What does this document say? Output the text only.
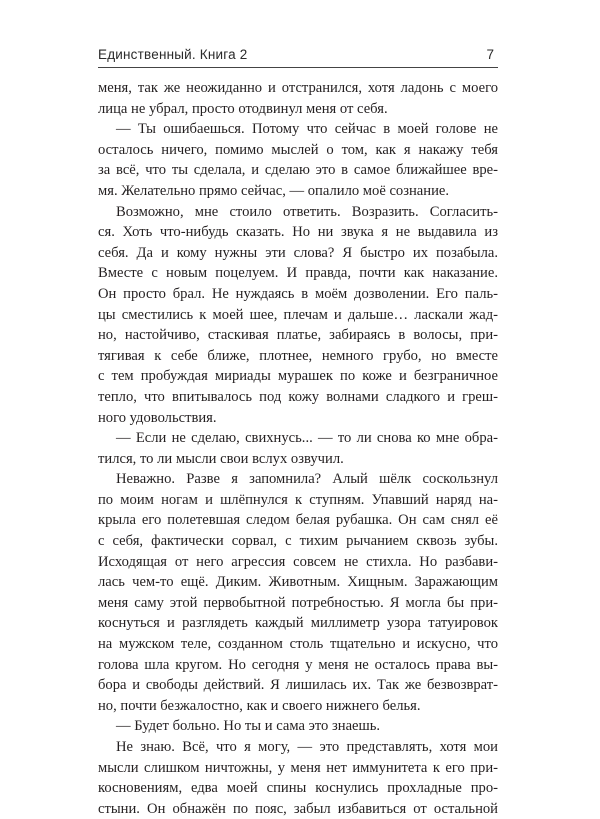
Единственный. Книга 2	7
меня, так же неожиданно и отстранился, хотя ладонь с моего
лица не убрал, просто отодвинул меня от себя.
— Ты ошибаешься. Потому что сейчас в моей голове не
осталось ничего, помимо мыслей о том, как я накажу тебя
за всё, что ты сделала, и сделаю это в самое ближайшее вре-
мя. Желательно прямо сейчас, — опалило моё сознание.
Возможно, мне стоило ответить. Возразить. Согласить-
ся. Хоть что-нибудь сказать. Но ни звука я не выдавила из
себя. Да и кому нужны эти слова? Я быстро их позабыла.
Вместе с новым поцелуем. И правда, почти как наказание.
Он просто брал. Не нуждаясь в моём дозволении. Его паль-
цы сместились к моей шее, плечам и дальше… ласкали жад-
но, настойчиво, стаскивая платье, забираясь в волосы, при-
тягивая к себе ближе, плотнее, немного грубо, но вместе
с тем пробуждая мириады мурашек по коже и безграничное
тепло, что впитывалось под кожу волнами сладкого и греш-
ного удовольствия.
— Если не сделаю, свихнусь... — то ли снова ко мне обра-
тился, то ли мысли свои вслух озвучил.
Неважно. Разве я запомнила? Алый шёлк соскользнул
по моим ногам и шлёпнулся к ступням. Упавший наряд на-
крыла его полетевшая следом белая рубашка. Он сам снял её
с себя, фактически сорвал, с тихим рычанием сквозь зубы.
Исходящая от него агрессия совсем не стихла. Но разбави-
лась чем-то ещё. Диким. Животным. Хищным. Заражающим
меня саму этой первобытной потребностью. Я могла бы при-
коснуться и разглядеть каждый миллиметр узора татуировок
на мужском теле, созданном столь тщательно и искусно, что
голова шла кругом. Но сегодня у меня не осталось права вы-
бора и свободы действий. Я лишилась их. Так же безвозврат-
но, почти безжалостно, как и своего нижнего белья.
— Будет больно. Но ты и сама это знаешь.
Не знаю. Всё, что я могу, — это представлять, хотя мои
мысли слишком ничтожны, у меня нет иммунитета к его при-
косновениям, едва моей спины коснулись прохладные про-
стыни. Он обнажён по пояс, забыл избавиться от остальной
